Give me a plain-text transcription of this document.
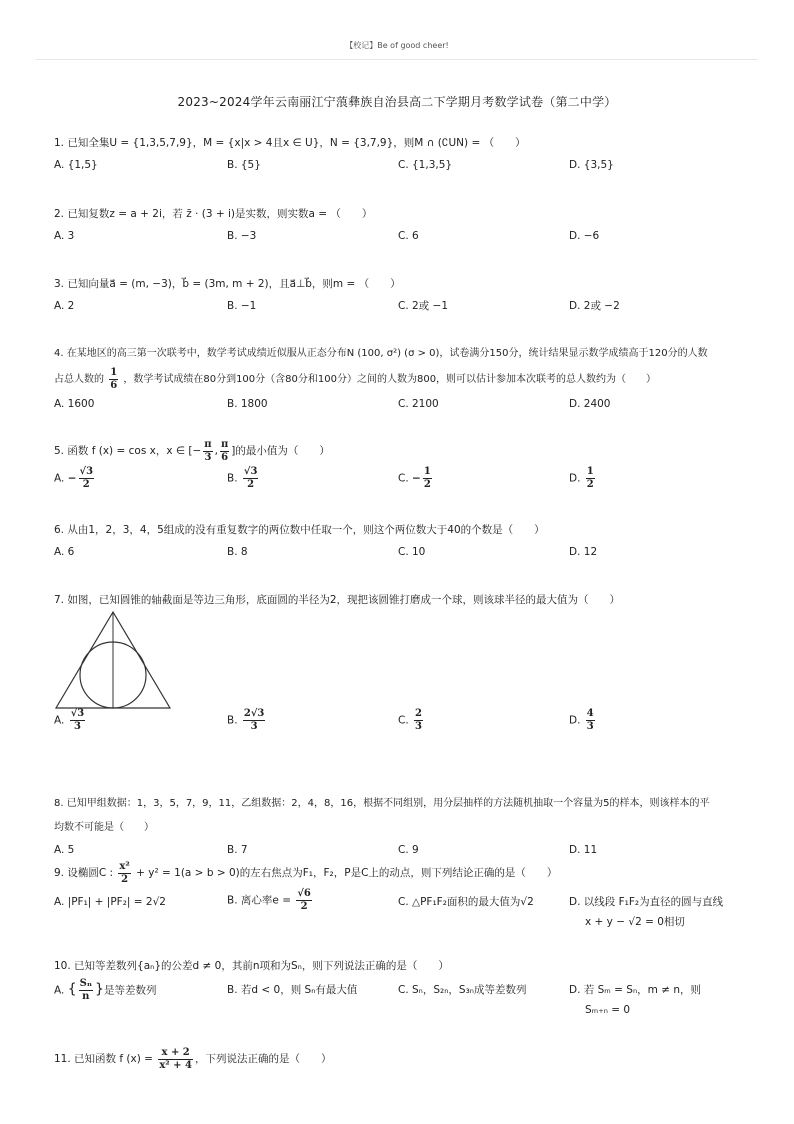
【校记】Be of good cheer!
2023~2024学年云南丽江宁蒗彝族自治县高二下学期月考数学试卷（第二中学）
1. 已知全集U = {1,3,5,7,9}，M = {x|x > 4且x ∈ U}，N = {3,7,9}，则M ∩ (∁UN) = （　　）
A. {1,5}	B. {5}	C. {1,3,5}	D. {3,5}
2. 已知复数z = a + 2i，若 z̄ · (3 + i)是实数，则实数a = （　　）
A. 3	B. −3	C. 6	D. −6
3. 已知向量a⃗ = (m, −3)，b⃗ = (3m, m + 2)，且a⃗⊥b⃗，则m = （　　）
A. 2	B. −1	C. 2或 −1	D. 2或 −2
4. 在某地区的高三第一次联考中，数学考试成绩近似服从正态分布N (100, σ²) (σ > 0)，试卷满分150分，统计结果显示数学成绩高于120分的人数
占总人数的 $\frac{1}{6}$ ，数学考试成绩在80分到100分（含80分和100分）之间的人数为800，则可以估计参加本次联考的总人数约为（　　）
A. 1600	B. 1800	C. 2100	D. 2400
5. 函数 f (x) = cos x，x ∈ [− $\frac{\pi}{3}$ , $\frac{\pi}{6}$ ]的最小值为（　　）
A. − $\frac{√3}{2}$	B. $\frac{√3}{2}$	C. − $\frac{1}{2}$	D. $\frac{1}{2}$
6. 从由1，2，3，4，5组成的没有重复数字的两位数中任取一个，则这个两位数大于40的个数是（　　）
A. 6	B. 8	C. 10	D. 12
7. 如图，已知圆锥的轴截面是等边三角形，底面圆的半径为2，现把该圆锥打磨成一个球，则该球半径的最大值为（　　）
A. $\frac{√3}{3}$	B. $\frac{2√3}{3}$	C. $\frac{2}{3}$	D. $\frac{4}{3}$
8. 已知甲组数据：1，3，5，7，9，11，乙组数据：2，4，8，16，根据不同组别，用分层抽样的方法随机抽取一个容量为5的样本，则该样本的平
均数不可能是（　　）
A. 5	B. 7	C. 9	D. 11
9. 设椭圆C : $\frac{\text{x²}}{2} + y^2 = 1(a > b > 0)$的左右焦点为F₁，F₂，P是C上的动点，则下列结论正确的是（　　）
A. |PF₁| + |PF₂| = 2√2	B. 离心率$e = \frac{√6}{2}$	C. △PF₁F₂面积的最大值为√2	D. 以线段 F₁F₂为直径的圆与直线
x + y − √2 = 0相切
10. 已知等差数列{aₙ}的公差d ≠ 0，其前n项和为Sₙ，则下列说法正确的是（　　）
A. { $\frac{\text{Sₙ}}{n}$ }是等差数列	B. 若d < 0，则 Sₙ有最大值	C. Sₙ，S₂ₙ，S₃ₙ成等差数列	D. 若 Sₘ = Sₙ，m ≠ n，则
Sₘ₊ₙ = 0
11. 已知函数 f $(x) = \frac{x + 2}{\text{x² + 4}}$ ，下列说法正确的是（　　）
